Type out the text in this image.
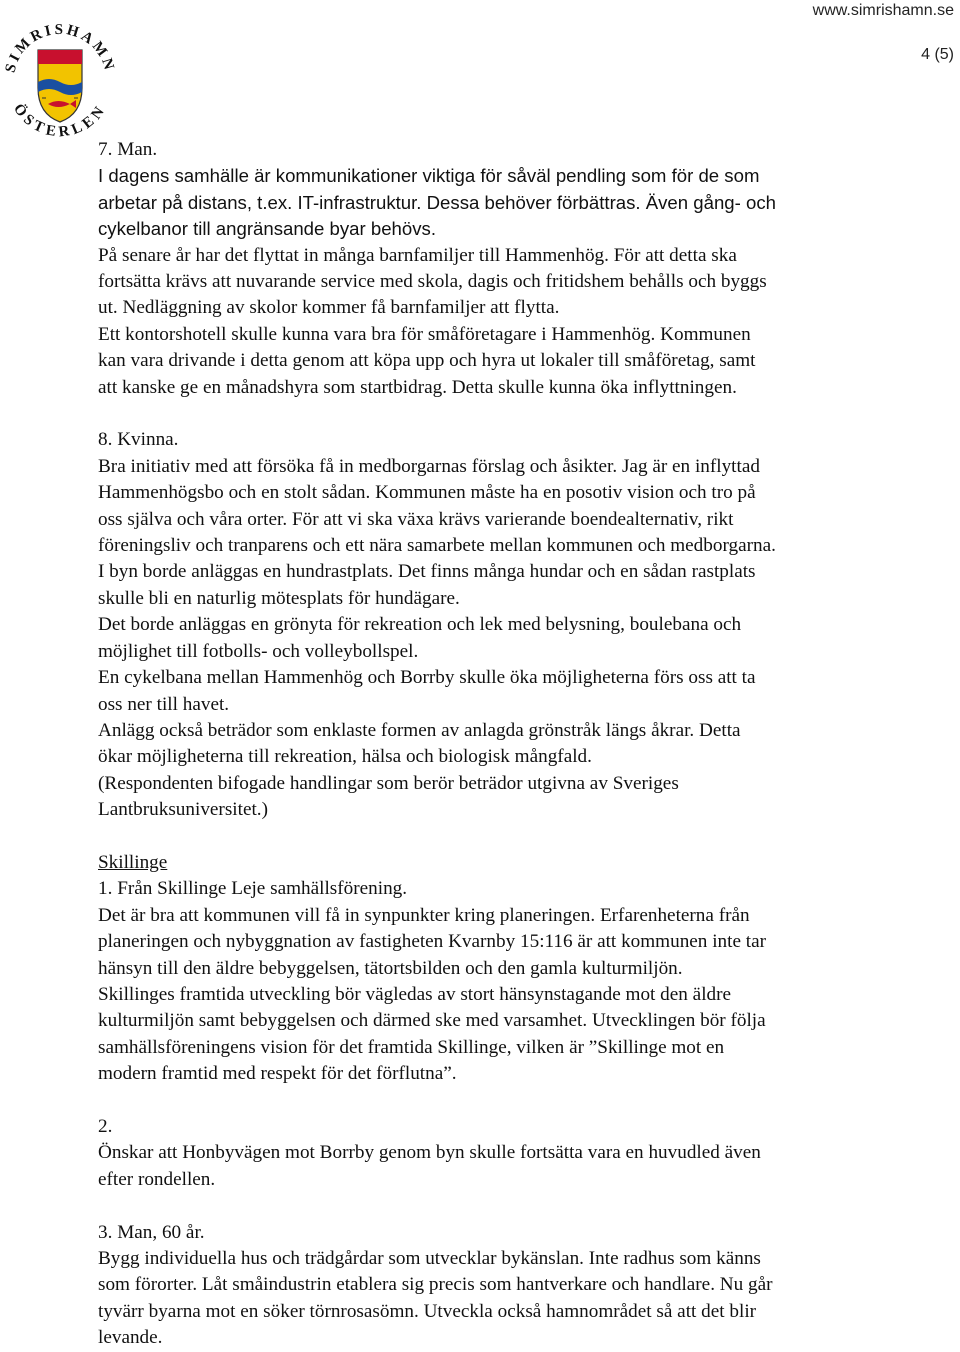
www.simrishamn.se
4 (5)
SIMRISHAMN
ÖSTERLEN

7. Man.

I dagens samhälle är kommunikationer viktiga för såväl pendling som för de som

arbetar på distans, t.ex. IT-infrastruktur. Dessa behöver förbättras. Även gång- och

cykelbanor till angränsande byar behövs.

På senare år har det flyttat in många barnfamiljer till Hammenhög. För att detta ska

fortsätta krävs att nuvarande service med skola, dagis och fritidshem behålls och byggs

ut. Nedläggning av skolor kommer få barnfamiljer att flytta.

Ett kontorshotell skulle kunna vara bra för småföretagare i Hammenhög. Kommunen

kan vara drivande i detta genom att köpa upp och hyra ut lokaler till småföretag, samt

att kanske ge en månadshyra som startbidrag. Detta skulle kunna öka inflyttningen.

8. Kvinna.

Bra initiativ med att försöka få in medborgarnas förslag och åsikter. Jag är en inflyttad

Hammenhögsbo och en stolt sådan. Kommunen måste ha en posotiv vision och tro på

oss själva och våra orter. För att vi ska växa krävs varierande boendealternativ, rikt

föreningsliv och tranparens och ett nära samarbete mellan kommunen och medborgarna.

I byn borde anläggas en hundrastplats. Det finns många hundar och en sådan rastplats

skulle bli en naturlig mötesplats för hundägare.

Det borde anläggas en grönyta för rekreation och lek med belysning, boulebana och

möjlighet till fotbolls- och volleybollspel.

En cykelbana mellan Hammenhög och Borrby skulle öka möjligheterna förs oss att ta

oss ner till havet.

Anlägg också beträdor som enklaste formen av anlagda grönstråk längs åkrar. Detta

ökar möjligheterna till rekreation, hälsa och biologisk mångfald.

(Respondenten bifogade handlingar som berör beträdor utgivna av Sveriges

Lantbruksuniversitet.)

Skillinge

1. Från Skillinge Leje samhällsförening.

Det är bra att kommunen vill få in synpunkter kring planeringen. Erfarenheterna från

planeringen och nybyggnation av fastigheten Kvarnby 15:116 är att kommunen inte tar

hänsyn till den äldre bebyggelsen, tätortsbilden och den gamla kulturmiljön.

Skillinges framtida utveckling bör vägledas av stort hänsynstagande mot den äldre

kulturmiljön samt bebyggelsen och därmed ske med varsamhet. Utvecklingen bör följa

samhällsföreningens vision för det framtida Skillinge, vilken är ”Skillinge mot en

modern framtid med respekt för det förflutna”.

2.

Önskar att Honbyvägen mot Borrby genom byn skulle fortsätta vara en huvudled även

efter rondellen.

3. Man, 60 år.

Bygg individuella hus och trädgårdar som utvecklar bykänslan. Inte radhus som känns

som förorter. Låt småindustrin etablera sig precis som hantverkare och handlare. Nu går

tyvärr byarna mot en söker törnrosasömn. Utveckla också hamnområdet så att det blir

levande.
